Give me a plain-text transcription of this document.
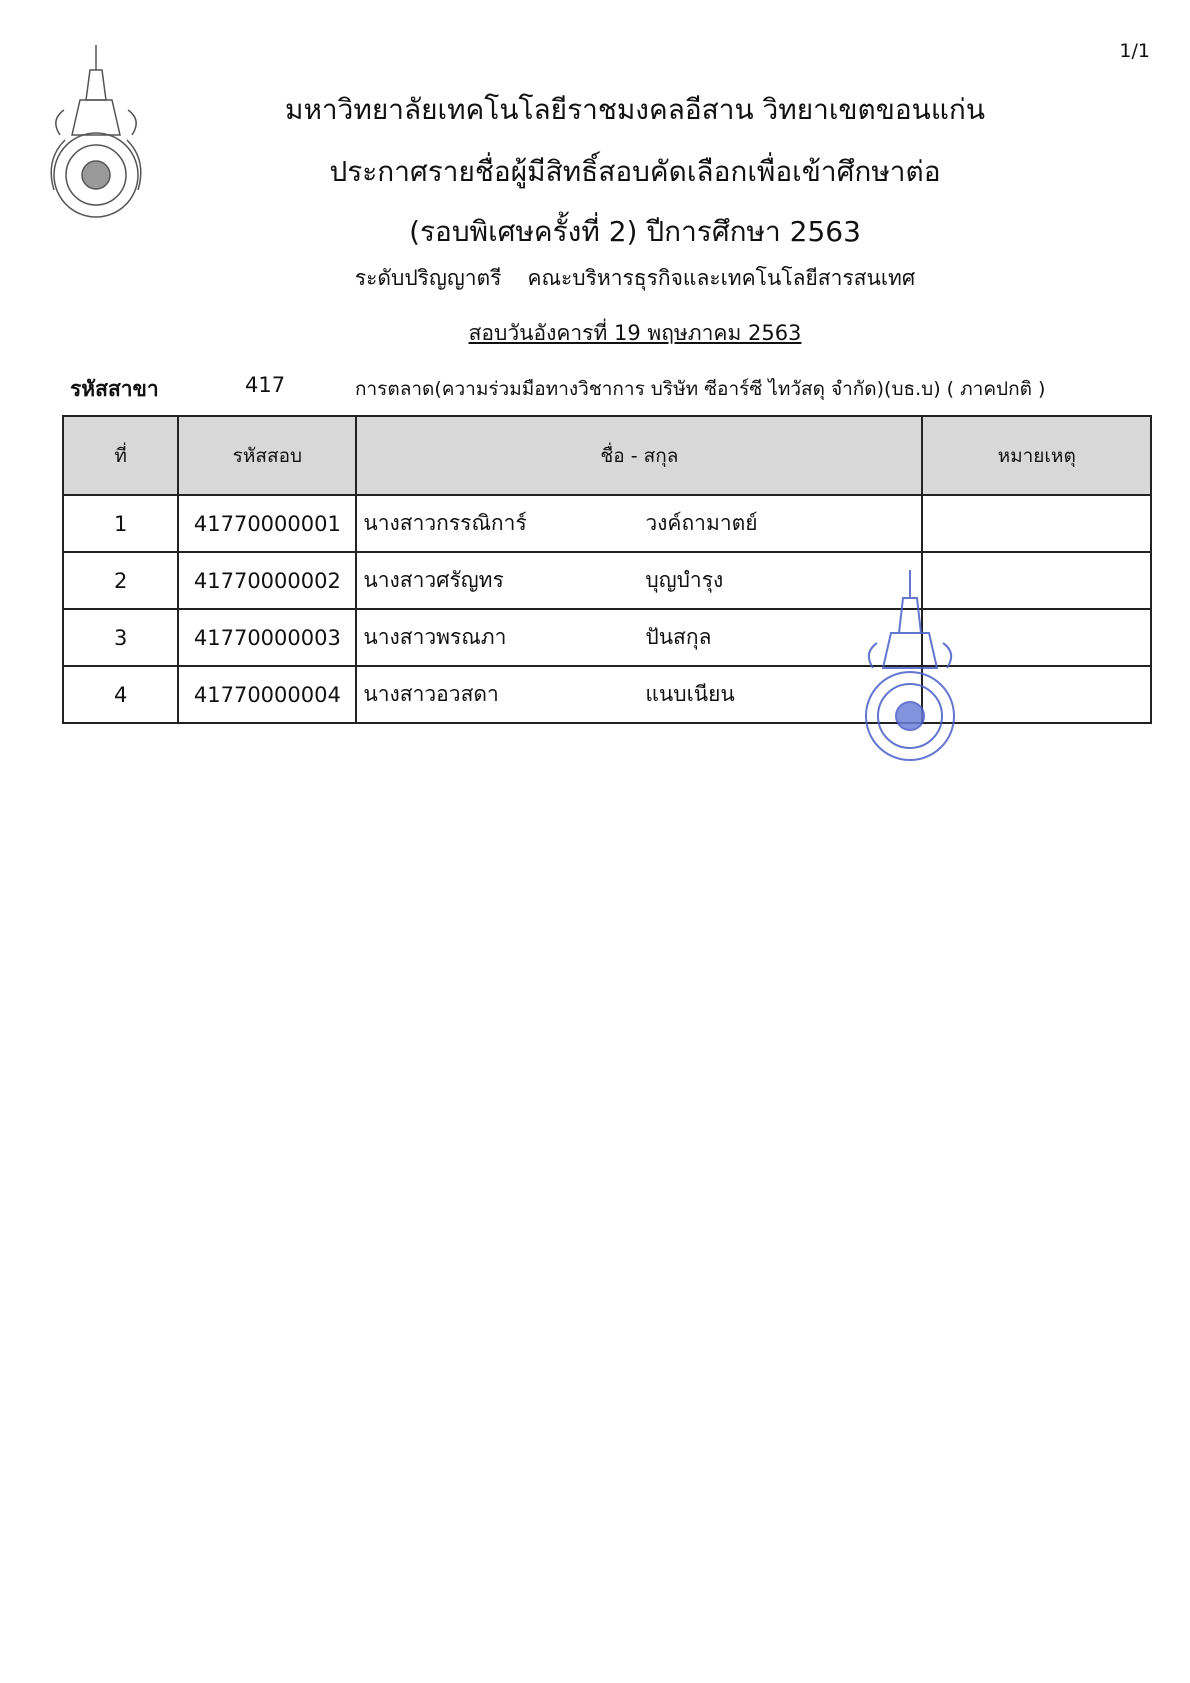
1/1
มหาวิทยาลัยเทคโนโลยีราชมงคลอีสาน วิทยาเขตขอนแก่น
ประกาศรายชื่อผู้มีสิทธิ์สอบคัดเลือกเพื่อเข้าศึกษาต่อ
(รอบพิเศษครั้งที่ 2) ปีการศึกษา 2563
ระดับปริญญาตรี คณะบริหารธุรกิจและเทคโนโลยีสารสนเทศ
สอบวันอังคารที่ 19 พฤษภาคม 2563
รหัสสาขา	417	การตลาด(ความร่วมมือทางวิชาการ บริษัท ซีอาร์ซี ไทวัสดุ จำกัด)(บธ.บ) ( ภาคปกติ )
ที่	รหัสสอบ	ชื่อ - สกุล	หมายเหตุ
1	41770000001	นางสาวกรรณิการ์ วงค์ถามาตย์	
2	41770000002	นางสาวศรัญทร บุญบำรุง	
3	41770000003	นางสาวพรณภา ปันสกุล	
4	41770000004	นางสาวอวสดา แนบเนียน	
